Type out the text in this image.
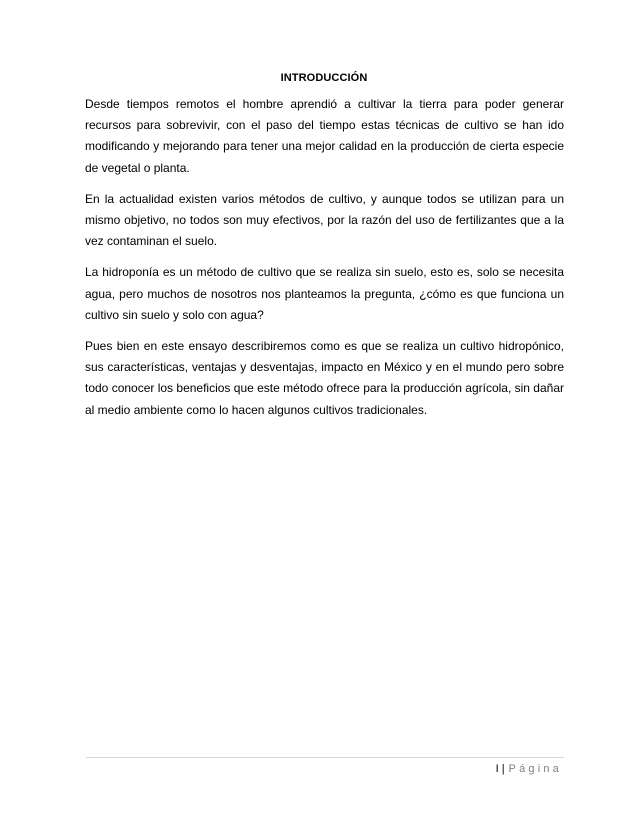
INTRODUCCIÓN

Desde tiempos remotos el hombre aprendió a cultivar la tierra para poder generar recursos para sobrevivir, con el paso del tiempo estas técnicas de cultivo se han ido modificando y mejorando para tener una mejor calidad en la producción de cierta especie de vegetal o planta.

En la actualidad existen varios métodos de cultivo, y aunque todos se utilizan para un mismo objetivo, no todos son muy efectivos, por la razón del uso de fertilizantes que a la vez contaminan el suelo.

La hidroponía es un método de cultivo que se realiza sin suelo, esto es, solo se necesita agua, pero muchos de nosotros nos planteamos la pregunta, ¿cómo es que funciona un cultivo sin suelo y solo con agua?

Pues bien en este ensayo describiremos como es que se realiza un cultivo hidropónico, sus características, ventajas y desventajas, impacto en México y en el mundo pero sobre todo conocer los beneficios que este método ofrece para la producción agrícola, sin dañar al medio ambiente como lo hacen algunos cultivos tradicionales.

I | Página
